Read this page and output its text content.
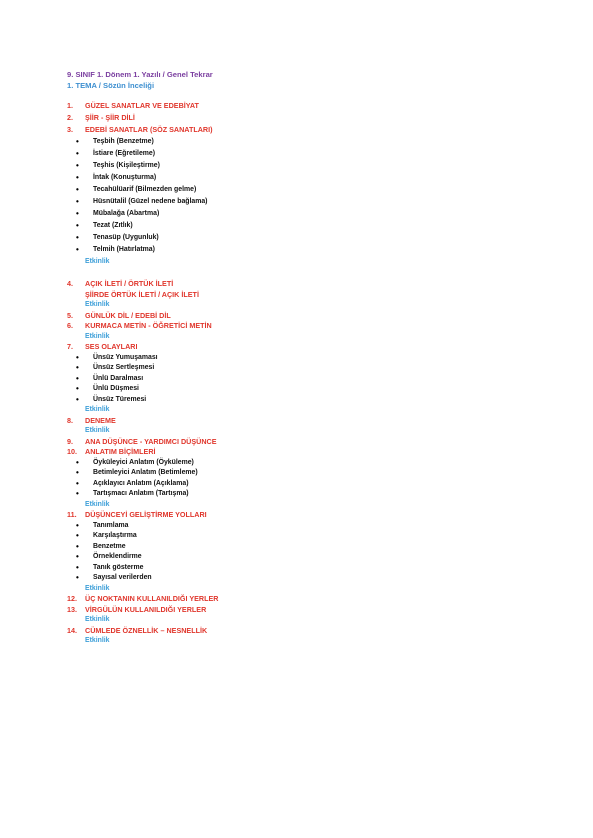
9. SINIF 1. Dönem 1. Yazılı / Genel Tekrar
1. TEMA / Sözün İnceliği
1. GÜZEL SANATLAR VE EDEBİYAT
2. ŞİİR - ŞİİR DİLİ
3. EDEBİ SANATLAR (SÖZ SANATLARI)
• Teşbih (Benzetme)
• İstiare (Eğretileme)
• Teşhis (Kişileştirme)
• İntak (Konuşturma)
• Tecahülüarif (Bilmezden gelme)
• Hüsnütalil (Güzel nedene bağlama)
• Mübalağa (Abartma)
• Tezat (Zıtlık)
• Tenasüp (Uygunluk)
• Telmih (Hatırlatma)
Etkinlik
4. AÇIK İLETİ / ÖRTÜK İLETİ
ŞİİRDE ÖRTÜK İLETİ / AÇIK İLETİ
Etkinlik
5. GÜNLÜK DİL / EDEBİ DİL
6. KURMACA METİN - ÖĞRETİCİ METİN
Etkinlik
7. SES OLAYLARI
• Ünsüz Yumuşaması
• Ünsüz Sertleşmesi
• Ünlü Daralması
• Ünlü Düşmesi
• Ünsüz Türemesi
Etkinlik
8. DENEME
Etkinlik
9. ANA DÜŞÜNCE - YARDIMCI DÜŞÜNCE
10. ANLATIM BİÇİMLERİ
• Öyküleyici Anlatım (Öyküleme)
• Betimleyici Anlatım (Betimleme)
• Açıklayıcı Anlatım (Açıklama)
• Tartışmacı Anlatım (Tartışma)
Etkinlik
11. DÜŞÜNCEYİ GELİŞTİRME YOLLARI
• Tanımlama
• Karşılaştırma
• Benzetme
• Örneklendirme
• Tanık gösterme
• Sayısal verilerden
Etkinlik
12. ÜÇ NOKTANIN KULLANILDIĞI YERLER
13. VİRGÜLÜN KULLANILDIĞI YERLER
Etkinlik
14. CÜMLEDE ÖZNELLİK – NESNELLİK
Etkinlik
